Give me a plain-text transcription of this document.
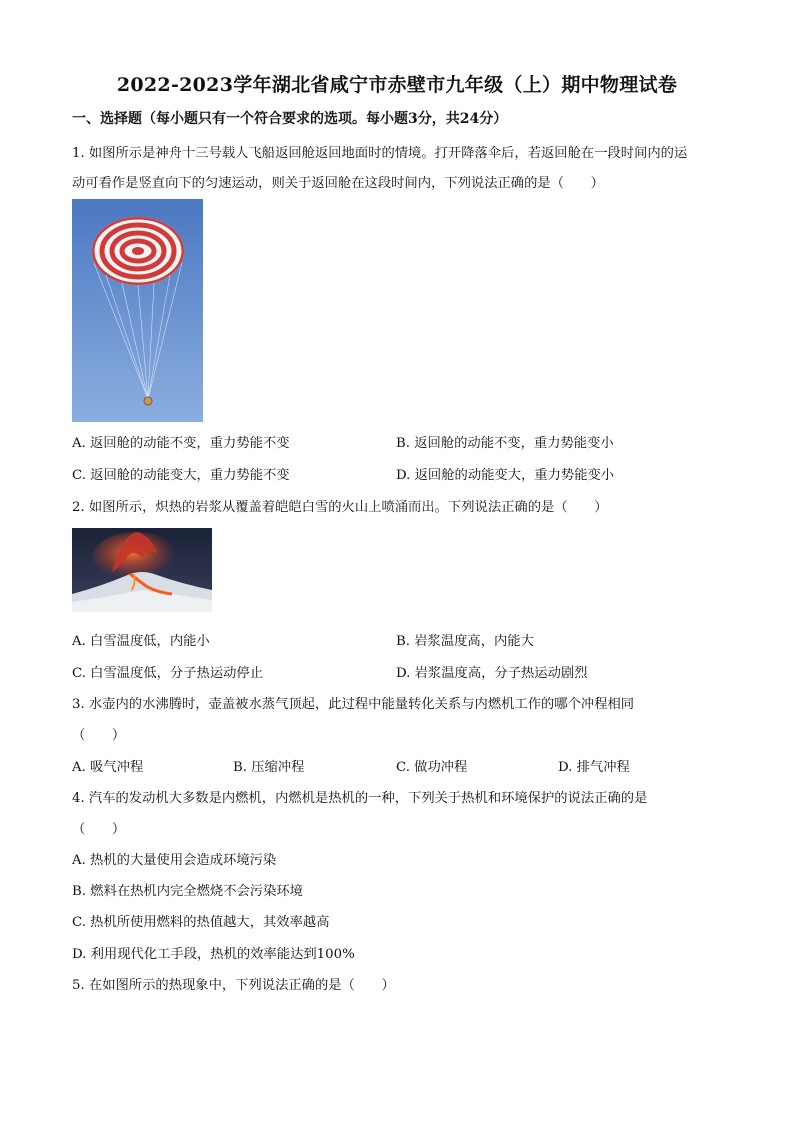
2022-2023学年湖北省咸宁市赤壁市九年级（上）期中物理试卷
一、选择题（每小题只有一个符合要求的选项。每小题3分，共24分）
1. 如图所示是神舟十三号载人飞船返回舱返回地面时的情境。打开降落伞后，若返回舱在一段时间内的运
动可看作是竖直向下的匀速运动，则关于返回舱在这段时间内，下列说法正确的是（　　）
A. 返回舱的动能不变，重力势能不变	B. 返回舱的动能不变，重力势能变小
C. 返回舱的动能变大，重力势能不变	D. 返回舱的动能变大，重力势能变小
2. 如图所示，炽热的岩浆从覆盖着皑皑白雪的火山上喷涌而出。下列说法正确的是（　　）
A. 白雪温度低，内能小	B. 岩浆温度高，内能大
C. 白雪温度低，分子热运动停止	D. 岩浆温度高，分子热运动剧烈
3. 水壶内的水沸腾时，壶盖被水蒸气顶起，此过程中能量转化关系与内燃机工作的哪个冲程相同
（　　）
A. 吸气冲程	B. 压缩冲程	C. 做功冲程	D. 排气冲程
4. 汽车的发动机大多数是内燃机，内燃机是热机的一种，下列关于热机和环境保护的说法正确的是
（　　）
A. 热机的大量使用会造成环境污染
B. 燃料在热机内完全燃烧不会污染环境
C. 热机所使用燃料的热值越大，其效率越高
D. 利用现代化工手段，热机的效率能达到100%
5. 在如图所示的热现象中，下列说法正确的是（　　）
